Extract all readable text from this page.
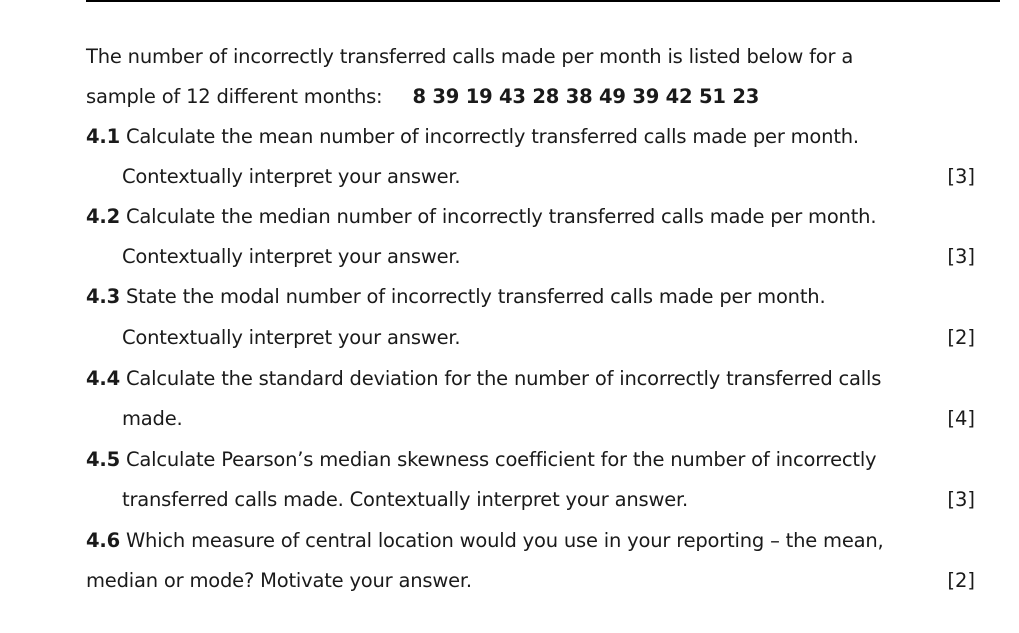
The number of incorrectly transferred calls made per month is listed below for a
sample of 12 different months: 8 39 19 43 28 38 49 39 42 51 23
4.1 Calculate the mean number of incorrectly transferred calls made per month.
Contextually interpret your answer.	[3]
4.2 Calculate the median number of incorrectly transferred calls made per month.
Contextually interpret your answer.	[3]
4.3 State the modal number of incorrectly transferred calls made per month.
Contextually interpret your answer.	[2]
4.4 Calculate the standard deviation for the number of incorrectly transferred calls
made.	[4]
4.5 Calculate Pearson’s median skewness coefficient for the number of incorrectly
transferred calls made. Contextually interpret your answer.	[3]
4.6 Which measure of central location would you use in your reporting – the mean,
median or mode? Motivate your answer.	[2]
